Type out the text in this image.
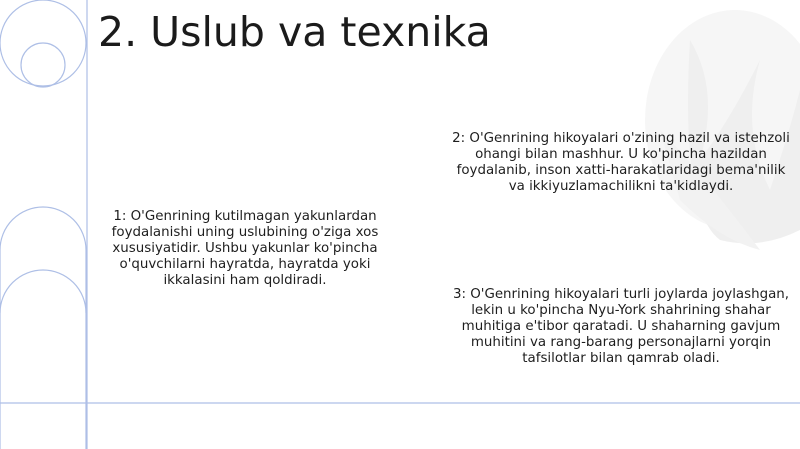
2. Uslub va texnika
1: O'Genrining kutilmagan yakunlardan foydalanishi uning uslubining o'ziga xos xususiyatidir. Ushbu yakunlar ko'pincha o'quvchilarni hayratda, hayratda yoki ikkalasini ham qoldiradi.
2: O'Genrining hikoyalari o'zining hazil va istehzoli ohangi bilan mashhur. U ko'pincha hazildan foydalanib, inson xatti-harakatlaridagi bema'nilik va ikkiyuzlamachilikni ta'kidlaydi.
3: O'Genrining hikoyalari turli joylarda joylashgan, lekin u ko'pincha Nyu-York shahrining shahar muhitiga e'tibor qaratadi. U shaharning gavjum muhitini va rang-barang personajlarni yorqin tafsilotlar bilan qamrab oladi.
